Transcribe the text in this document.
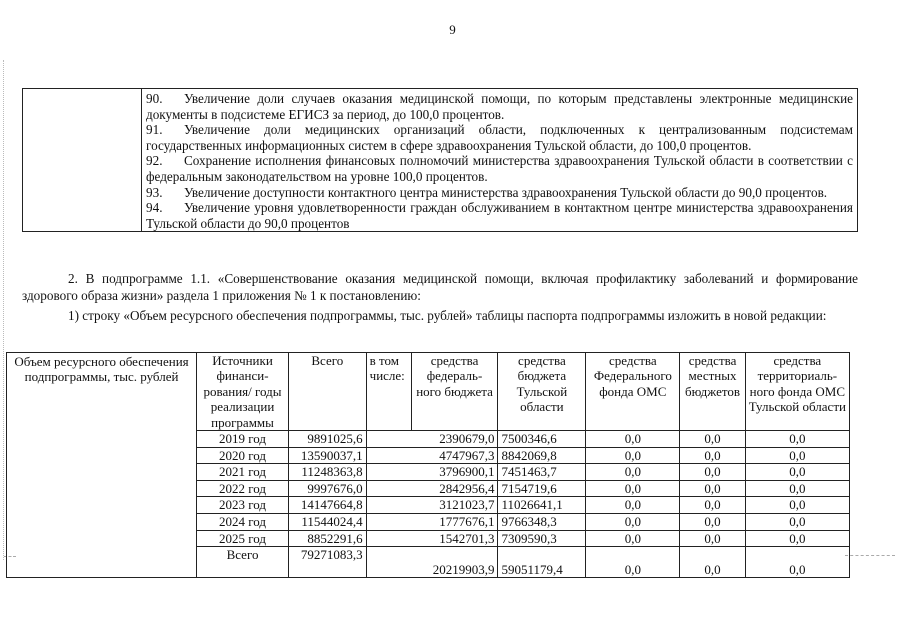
9

90. Увеличение доли случаев оказания медицинской помощи, по которым представлены электронные медицинские документы в подсистеме ЕГИСЗ за период, до 100,0 процентов.
91. Увеличение доли медицинских организаций области, подключенных к централизованным подсистемам государственных информационных систем в сфере здравоохранения Тульской области, до 100,0 процентов.
92. Сохранение исполнения финансовых полномочий министерства здравоохранения Тульской области в соответствии с федеральным законодательством на уровне 100,0 процентов.
93. Увеличение доступности контактного центра министерства здравоохранения Тульской области до 90,0 процентов.
94. Увеличение уровня удовлетворенности граждан обслуживанием в контактном центре министерства здравоохранения Тульской области до 90,0 процентов
2. В подпрограмме 1.1. «Совершенствование оказания медицинской помощи, включая профилактику заболеваний и формирование здорового образа жизни» раздела 1 приложения № 1 к постановлению:
1) строку «Объем ресурсного обеспечения подпрограммы, тыс. рублей» таблицы паспорта подпрограммы изложить в новой редакции:
Объем ресурсного обеспечения подпрограммы, тыс. рублей	Источники финанси-рования/ годы реализации программы	Всего	в том числе:	средства федераль-ного бюджета	средства бюджета Тульской области	средства Федерального фонда ОМС	средства местных бюджетов	средства территориаль-ного фонда ОМС Тульской области
	2019 год	9891025,6	2390679,0		7500346,6	0,0	0,0	0,0
	2020 год	13590037,1	4747967,3		8842069,8	0,0	0,0	0,0
	2021 год	11248363,8	3796900,1		7451463,7	0,0	0,0	0,0
	2022 год	9997676,0	2842956,4		7154719,6	0,0	0,0	0,0
	2023 год	14147664,8	3121023,7		11026641,1	0,0	0,0	0,0
	2024 год	11544024,4	1777676,1		9766348,3	0,0	0,0	0,0
	2025 год	8852291,6	1542701,3		7309590,3	0,0	0,0	0,0
	Всего	79271083,3	20219903,9		59051179,4	0,0	0,0	0,0
